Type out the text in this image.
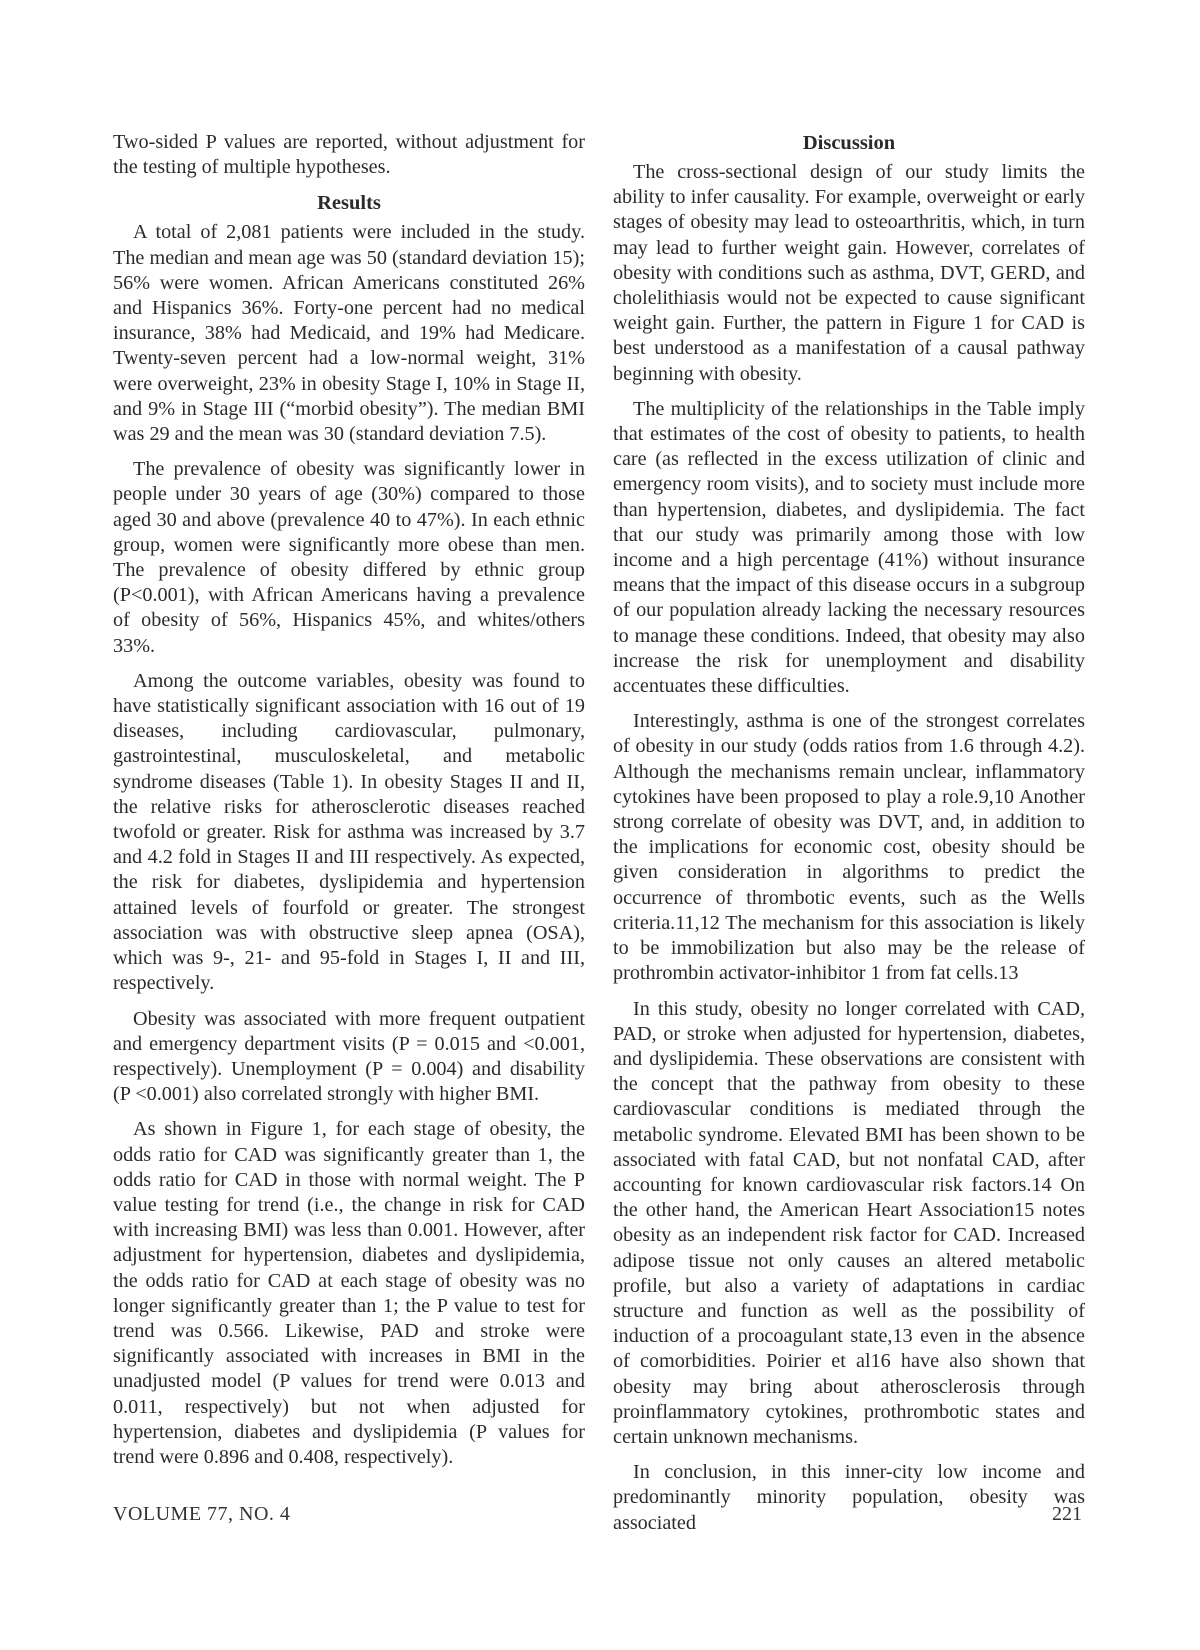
Two-sided P values are reported, without adjustment for the testing of multiple hypotheses.

Results

A total of 2,081 patients were included in the study. The median and mean age was 50 (standard deviation 15); 56% were women. African Americans constituted 26% and Hispanics 36%. Forty-one percent had no medical insurance, 38% had Medicaid, and 19% had Medicare. Twenty-seven percent had a low-normal weight, 31% were overweight, 23% in obesity Stage I, 10% in Stage II, and 9% in Stage III (“morbid obesity”). The median BMI was 29 and the mean was 30 (standard deviation 7.5).

The prevalence of obesity was significantly lower in people under 30 years of age (30%) compared to those aged 30 and above (prevalence 40 to 47%). In each ethnic group, women were significantly more obese than men. The prevalence of obesity differed by ethnic group (P<0.001), with African Americans having a prevalence of obesity of 56%, Hispanics 45%, and whites/others 33%.

Among the outcome variables, obesity was found to have statistically significant association with 16 out of 19 diseases, including cardiovascular, pulmonary, gastrointestinal, musculoskeletal, and metabolic syndrome diseases (Table 1). In obesity Stages II and II, the relative risks for atherosclerotic diseases reached twofold or greater. Risk for asthma was increased by 3.7 and 4.2 fold in Stages II and III respectively. As expected, the risk for diabetes, dyslipidemia and hypertension attained levels of fourfold or greater. The strongest association was with obstructive sleep apnea (OSA), which was 9-, 21- and 95-fold in Stages I, II and III, respectively.

Obesity was associated with more frequent outpatient and emergency department visits (P = 0.015 and <0.001, respectively). Unemployment (P = 0.004) and disability (P <0.001) also correlated strongly with higher BMI.

As shown in Figure 1, for each stage of obesity, the odds ratio for CAD was significantly greater than 1, the odds ratio for CAD in those with normal weight. The P value testing for trend (i.e., the change in risk for CAD with increasing BMI) was less than 0.001. However, after adjustment for hypertension, diabetes and dyslipidemia, the odds ratio for CAD at each stage of obesity was no longer significantly greater than 1; the P value to test for trend was 0.566. Likewise, PAD and stroke were significantly associated with increases in BMI in the unadjusted model (P values for trend were 0.013 and 0.011, respectively) but not when adjusted for hypertension, diabetes and dyslipidemia (P values for trend were 0.896 and 0.408, respectively).

Discussion

The cross-sectional design of our study limits the ability to infer causality. For example, overweight or early stages of obesity may lead to osteoarthritis, which, in turn may lead to further weight gain. However, correlates of obesity with conditions such as asthma, DVT, GERD, and cholelithiasis would not be expected to cause significant weight gain. Further, the pattern in Figure 1 for CAD is best understood as a manifestation of a causal pathway beginning with obesity.

The multiplicity of the relationships in the Table imply that estimates of the cost of obesity to patients, to health care (as reflected in the excess utilization of clinic and emergency room visits), and to society must include more than hypertension, diabetes, and dyslipidemia. The fact that our study was primarily among those with low income and a high percentage (41%) without insurance means that the impact of this disease occurs in a subgroup of our population already lacking the necessary resources to manage these conditions. Indeed, that obesity may also increase the risk for unemployment and disability accentuates these difficulties.

Interestingly, asthma is one of the strongest correlates of obesity in our study (odds ratios from 1.6 through 4.2). Although the mechanisms remain unclear, inflammatory cytokines have been proposed to play a role.9,10 Another strong correlate of obesity was DVT, and, in addition to the implications for economic cost, obesity should be given consideration in algorithms to predict the occurrence of thrombotic events, such as the Wells criteria.11,12 The mechanism for this association is likely to be immobilization but also may be the release of prothrombin activator-inhibitor 1 from fat cells.13

In this study, obesity no longer correlated with CAD, PAD, or stroke when adjusted for hypertension, diabetes, and dyslipidemia. These observations are consistent with the concept that the pathway from obesity to these cardiovascular conditions is mediated through the metabolic syndrome. Elevated BMI has been shown to be associated with fatal CAD, but not nonfatal CAD, after accounting for known cardiovascular risk factors.14 On the other hand, the American Heart Association15 notes obesity as an independent risk factor for CAD. Increased adipose tissue not only causes an altered metabolic profile, but also a variety of adaptations in cardiac structure and function as well as the possibility of induction of a procoagulant state,13 even in the absence of comorbidities. Poirier et al16 have also shown that obesity may bring about atherosclerosis through proinflammatory cytokines, prothrombotic states and certain unknown mechanisms.

In conclusion, in this inner-city low income and predominantly minority population, obesity was associated

VOLUME 77, NO. 4	221
